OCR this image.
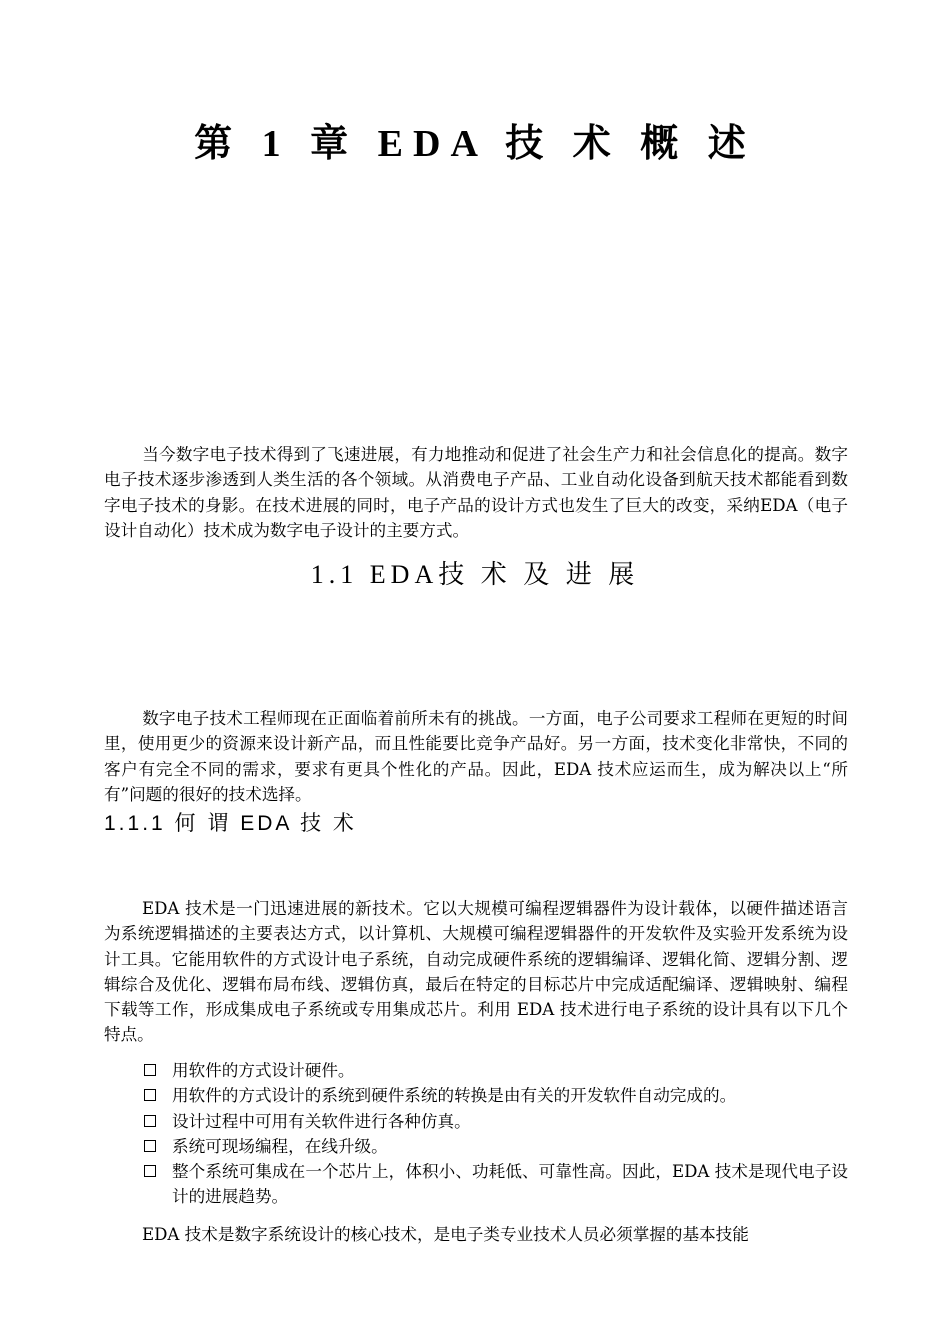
第 1 章 EDA 技 术 概 述

当今数字电子技术得到了飞速进展，有力地推动和促进了社会生产力和社会信息化的提高。数字电子技术逐步渗透到人类生活的各个领域。从消费电子产品、工业自动化设备到航天技术都能看到数字电子技术的身影。在技术进展的同时，电子产品的设计方式也发生了巨大的改变，采纳EDA（电子设计自动化）技术成为数字电子设计的主要方式。

1.1 EDA技 术 及 进 展

数字电子技术工程师现在正面临着前所未有的挑战。一方面，电子公司要求工程师在更短的时间里，使用更少的资源来设计新产品，而且性能要比竞争产品好。另一方面，技术变化非常快，不同的客户有完全不同的需求，要求有更具个性化的产品。因此，EDA 技术应运而生，成为解决以上“所有”问题的很好的技术选择。

1.1.1 何 谓 EDA 技 术

EDA 技术是一门迅速进展的新技术。它以大规模可编程逻辑器件为设计载体，以硬件描述语言为系统逻辑描述的主要表达方式，以计算机、大规模可编程逻辑器件的开发软件及实验开发系统为设计工具。它能用软件的方式设计电子系统，自动完成硬件系统的逻辑编译、逻辑化简、逻辑分割、逻辑综合及优化、逻辑布局布线、逻辑仿真，最后在特定的目标芯片中完成适配编译、逻辑映射、编程下载等工作，形成集成电子系统或专用集成芯片。利用 EDA 技术进行电子系统的设计具有以下几个特点。

用软件的方式设计硬件。
用软件的方式设计的系统到硬件系统的转换是由有关的开发软件自动完成的。
设计过程中可用有关软件进行各种仿真。
系统可现场编程，在线升级。
整个系统可集成在一个芯片上，体积小、功耗低、可靠性高。因此，EDA 技术是现代电子设计的进展趋势。
EDA 技术是数字系统设计的核心技术，是电子类专业技术人员必须掌握的基本技能
